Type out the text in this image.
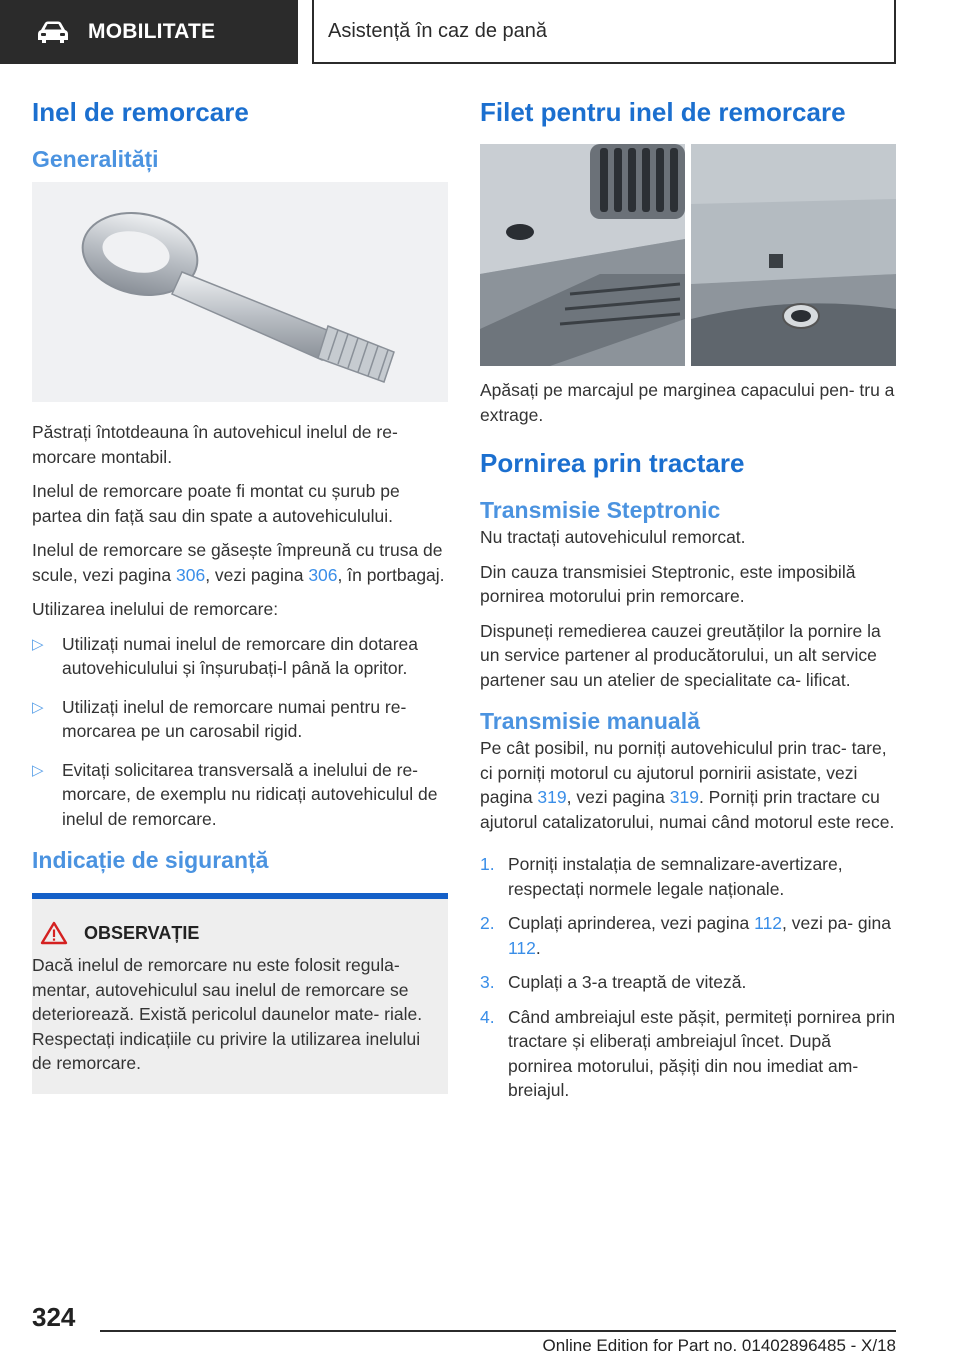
MOBILITATE	Asistență în caz de pană
Inel de remorcare
Generalități

Păstrați întotdeauna în autovehicul inelul de re- morcare montabil.

Inelul de remorcare poate fi montat cu șurub pe partea din față sau din spate a autovehiculului.

Inelul de remorcare se găsește împreună cu trusa de scule, vezi pagina 306, vezi pagina 306, în portbagaj.

Utilizarea inelului de remorcare:

▷ Utilizați numai inelul de remorcare din dotarea autovehiculului și înșurubați-l până la opritor.
▷ Utilizați inelul de remorcare numai pentru re- morcarea pe un carosabil rigid.
▷ Evitați solicitarea transversală a inelului de re- morcare, de exemplu nu ridicați autovehiculul de inelul de remorcare.
Indicație de siguranță
OBSERVAȚIE

Dacă inelul de remorcare nu este folosit regula- mentar, autovehiculul sau inelul de remorcare se deteriorează. Există pericolul daunelor mate- riale. Respectați indicațiile cu privire la utilizarea inelului de remorcare.

Filet pentru inel de remorcare

Apăsați pe marcajul pe marginea capacului pen- tru a extrage.

Pornirea prin tractare
Transmisie Steptronic

Nu tractați autovehiculul remorcat.

Din cauza transmisiei Steptronic, este imposibilă pornirea motorului prin remorcare.

Dispuneți remedierea cauzei greutăților la pornire la un service partener al producătorului, un alt service partener sau un atelier de specialitate ca- lificat.

Transmisie manuală

Pe cât posibil, nu porniți autovehiculul prin trac- tare, ci porniți motorul cu ajutorul pornirii asistate, vezi pagina 319, vezi pagina 319. Porniți prin tractare cu ajutorul catalizatorului, numai când motorul este rece.

1. Porniți instalația de semnalizare-avertizare, respectați normele legale naționale.
2. Cuplați aprinderea, vezi pagina 112, vezi pa- gina 112.
3. Cuplați a 3-a treaptă de viteză.
4. Când ambreiajul este pășit, permiteți pornirea prin tractare și eliberați ambreiajul încet. După pornirea motorului, pășiți din nou imediat am- breiajul.
324
Online Edition for Part no. 01402896485 - X/18
